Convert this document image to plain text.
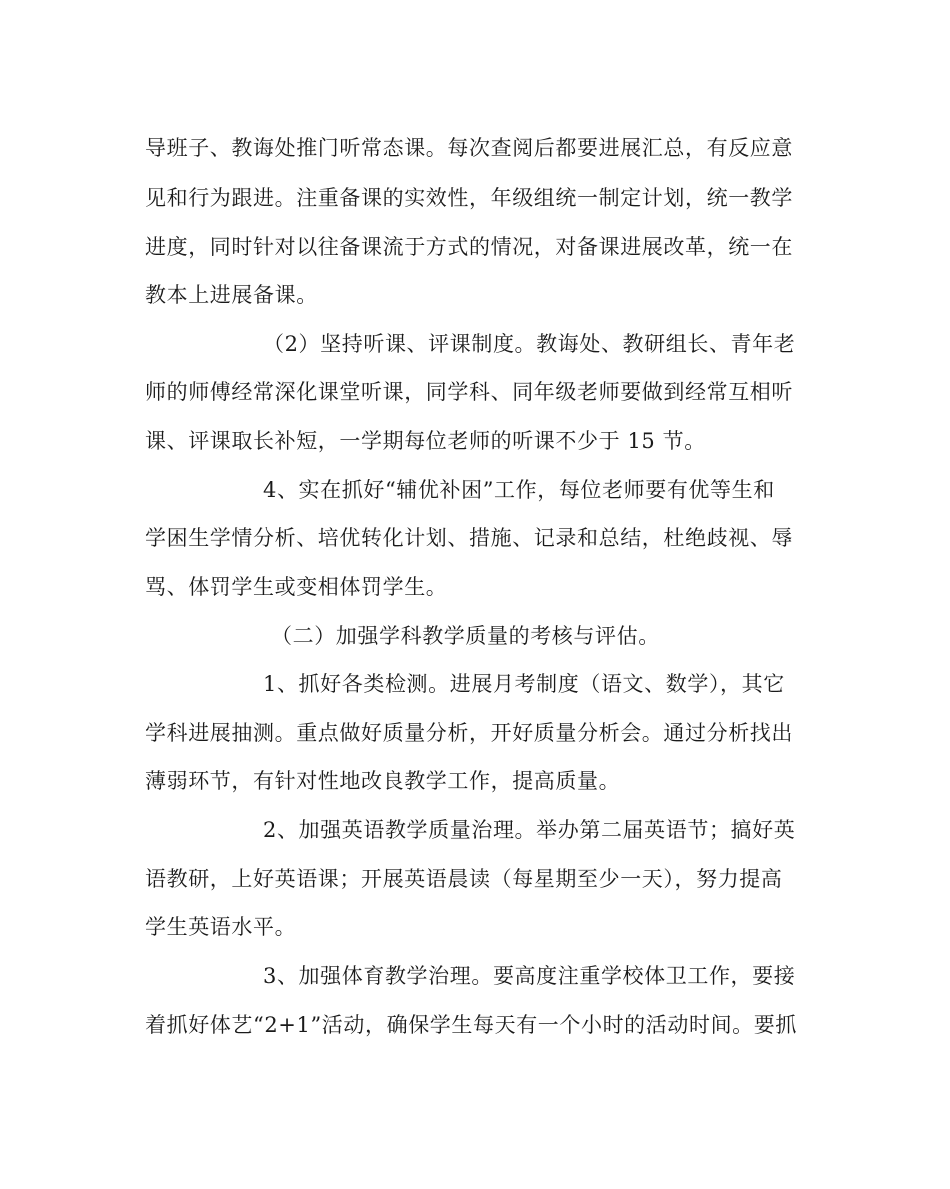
导班子、教诲处推门听常态课。每次查阅后都要进展汇总，有反应意
见和行为跟进。注重备课的实效性，年级组统一制定计划，统一教学
进度，同时针对以往备课流于方式的情况，对备课进展改革，统一在
教本上进展备课。
（2）坚持听课、评课制度。教诲处、教研组长、青年老
师的师傅经常深化课堂听课，同学科、同年级老师要做到经常互相听
课、评课取长补短，一学期每位老师的听课不少于 15 节。
4、实在抓好“辅优补困”工作，每位老师要有优等生和
学困生学情分析、培优转化计划、措施、记录和总结，杜绝歧视、辱
骂、体罚学生或变相体罚学生。
（二）加强学科教学质量的考核与评估。
1、抓好各类检测。进展月考制度（语文、数学），其它
学科进展抽测。重点做好质量分析，开好质量分析会。通过分析找出
薄弱环节，有针对性地改良教学工作，提高质量。
2、加强英语教学质量治理。举办第二届英语节；搞好英
语教研，上好英语课；开展英语晨读（每星期至少一天），努力提高
学生英语水平。
3、加强体育教学治理。要高度注重学校体卫工作，要接
着抓好体艺“2+1”活动，确保学生每天有一个小时的活动时间。要抓
